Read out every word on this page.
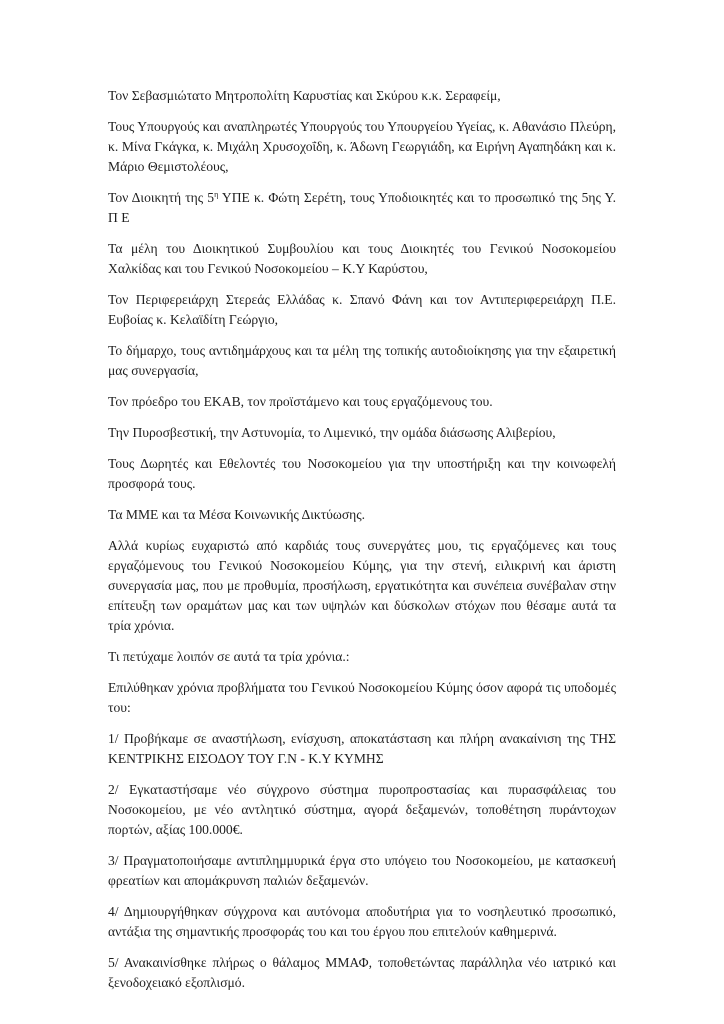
Τον Σεβασμιώτατο Μητροπολίτη Καρυστίας και Σκύρου κ.κ. Σεραφείμ,

Τους Υπουργούς και αναπληρωτές Υπουργούς του Υπουργείου Υγείας, κ. Αθανάσιο Πλεύρη, κ. Μίνα Γκάγκα, κ. Μιχάλη Χρυσοχοΐδη, κ. Άδωνη Γεωργιάδη, κα Ειρήνη Αγαπηδάκη και κ. Μάριο Θεμιστολέους,

Τον Διοικητή της $5^\eta$ ΥΠΕ κ. Φώτη Σερέτη, τους Υποδιοικητές και το προσωπικό της 5ης Υ. Π Ε

Τα μέλη του Διοικητικού Συμβουλίου και τους Διοικητές του Γενικού Νοσοκομείου Χαλκίδας και του Γενικού Νοσοκομείου – Κ.Υ Καρύστου,

Τον Περιφερειάρχη Στερεάς Ελλάδας κ. Σπανό Φάνη και τον Αντιπεριφερειάρχη Π.Ε. Ευβοίας κ. Κελαϊδίτη Γεώργιο,

Το δήμαρχο, τους αντιδημάρχους και τα μέλη της τοπικής αυτοδιοίκησης για την εξαιρετική μας συνεργασία,

Τον πρόεδρο του ΕΚΑΒ, τον προϊστάμενο και τους εργαζόμενους του.

Την Πυροσβεστική, την Αστυνομία, το Λιμενικό, την ομάδα διάσωσης Αλιβερίου,

Τους Δωρητές και Εθελοντές του Νοσοκομείου για την υποστήριξη και την κοινωφελή προσφορά τους.

Τα ΜΜΕ και τα Μέσα Κοινωνικής Δικτύωσης.

Αλλά κυρίως ευχαριστώ από καρδιάς τους συνεργάτες μου, τις εργαζόμενες και τους εργαζόμενους του Γενικού Νοσοκομείου Κύμης, για την στενή, ειλικρινή και άριστη συνεργασία μας, που με προθυμία, προσήλωση, εργατικότητα και συνέπεια συνέβαλαν στην επίτευξη των οραμάτων μας και των υψηλών και δύσκολων στόχων που θέσαμε αυτά τα τρία χρόνια.

Τι πετύχαμε λοιπόν σε αυτά τα τρία χρόνια.:

Επιλύθηκαν χρόνια προβλήματα του Γενικού Νοσοκομείου Κύμης όσον αφορά τις υποδομές του:

1/ Προβήκαμε σε αναστήλωση, ενίσχυση, αποκατάσταση και πλήρη ανακαίνιση της ΤΗΣ ΚΕΝΤΡΙΚΗΣ ΕΙΣΟΔΟΥ ΤΟΥ Γ.Ν - Κ.Υ ΚΥΜΗΣ

2/ Εγκαταστήσαμε νέο σύγχρονο σύστημα πυροπροστασίας και πυρασφάλειας του Νοσοκομείου, με νέο αντλητικό σύστημα, αγορά δεξαμενών, τοποθέτηση πυράντοχων πορτών, αξίας 100.000€.

3/ Πραγματοποιήσαμε αντιπλημμυρικά έργα στο υπόγειο του Νοσοκομείου, με κατασκευή φρεατίων και απομάκρυνση παλιών δεξαμενών.

4/ Δημιουργήθηκαν σύγχρονα και αυτόνομα αποδυτήρια για το νοσηλευτικό προσωπικό, αντάξια της σημαντικής προσφοράς του και του έργου που επιτελούν καθημερινά.

5/ Ανακαινίσθηκε πλήρως ο θάλαμος ΜΜΑΦ, τοποθετώντας παράλληλα νέο ιατρικό και ξενοδοχειακό εξοπλισμό.
